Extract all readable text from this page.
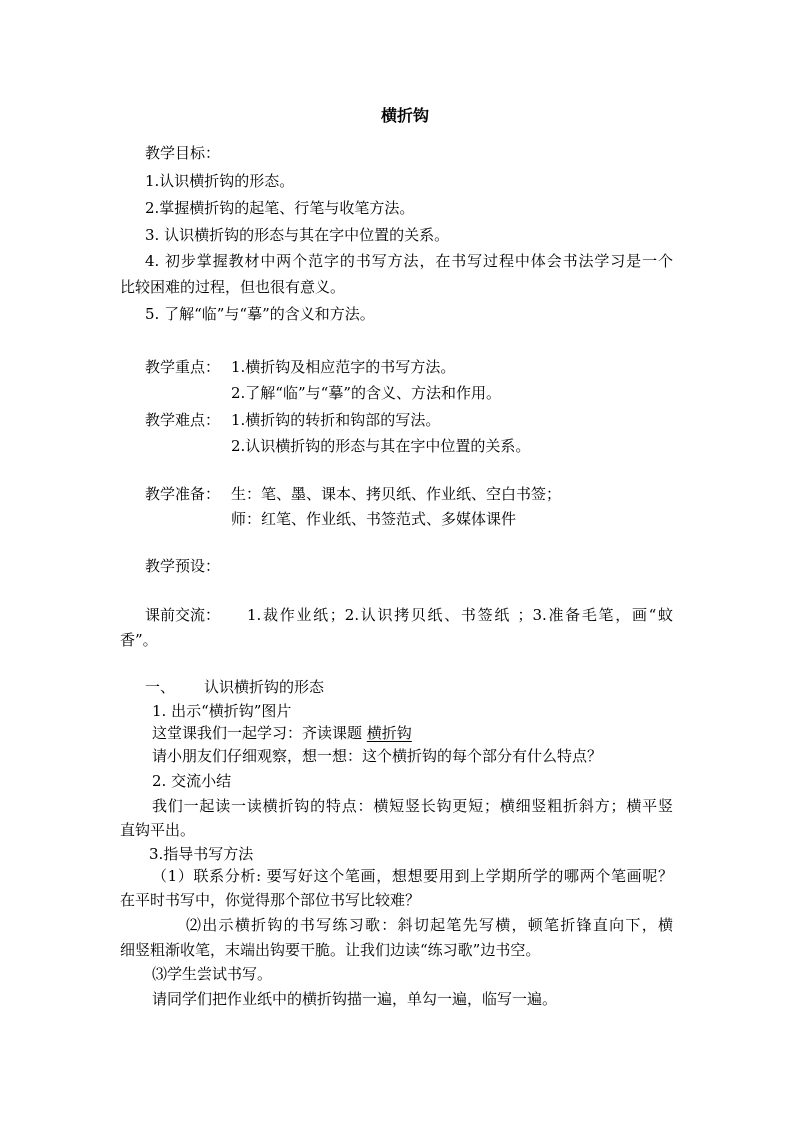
横折钩
教学目标：
1.认识横折钩的形态。
2.掌握横折钩的起笔、行笔与收笔方法。
3. 认识横折钩的形态与其在字中位置的关系。
4. 初步掌握教材中两个范字的书写方法，在书写过程中体会书法学习是一个
比较困难的过程，但也很有意义。
5. 了解“临”与“摹”的含义和方法。
教学重点： 1.横折钩及相应范字的书写方法。
2.了解“临”与“摹”的含义、方法和作用。
教学难点： 1.横折钩的转折和钩部的写法。
2.认识横折钩的形态与其在字中位置的关系。
教学准备： 生：笔、墨、课本、拷贝纸、作业纸、空白书签；
师：红笔、作业纸、书签范式、多媒体课件
教学预设：
课前交流： 1.裁作业纸；2.认识拷贝纸、书签纸 ；3.准备毛笔，画“蚊
香”。
一、 认识横折钩的形态
1. 出示“横折钩”图片
这堂课我们一起学习：齐读课题 横折钩
请小朋友们仔细观察，想一想：这个横折钩的每个部分有什么特点？
2. 交流小结
我们一起读一读横折钩的特点：横短竖长钩更短；横细竖粗折斜方；横平竖
直钩平出。
3.指导书写方法
（1）联系分析: 要写好这个笔画，想想要用到上学期所学的哪两个笔画呢？
在平时书写中，你觉得那个部位书写比较难？
⑵出示横折钩的书写练习歌：斜切起笔先写横，顿笔折锋直向下，横
细竖粗渐收笔，末端出钩要干脆。让我们边读“练习歌”边书空。
⑶学生尝试书写。
请同学们把作业纸中的横折钩描一遍，单勾一遍，临写一遍。
